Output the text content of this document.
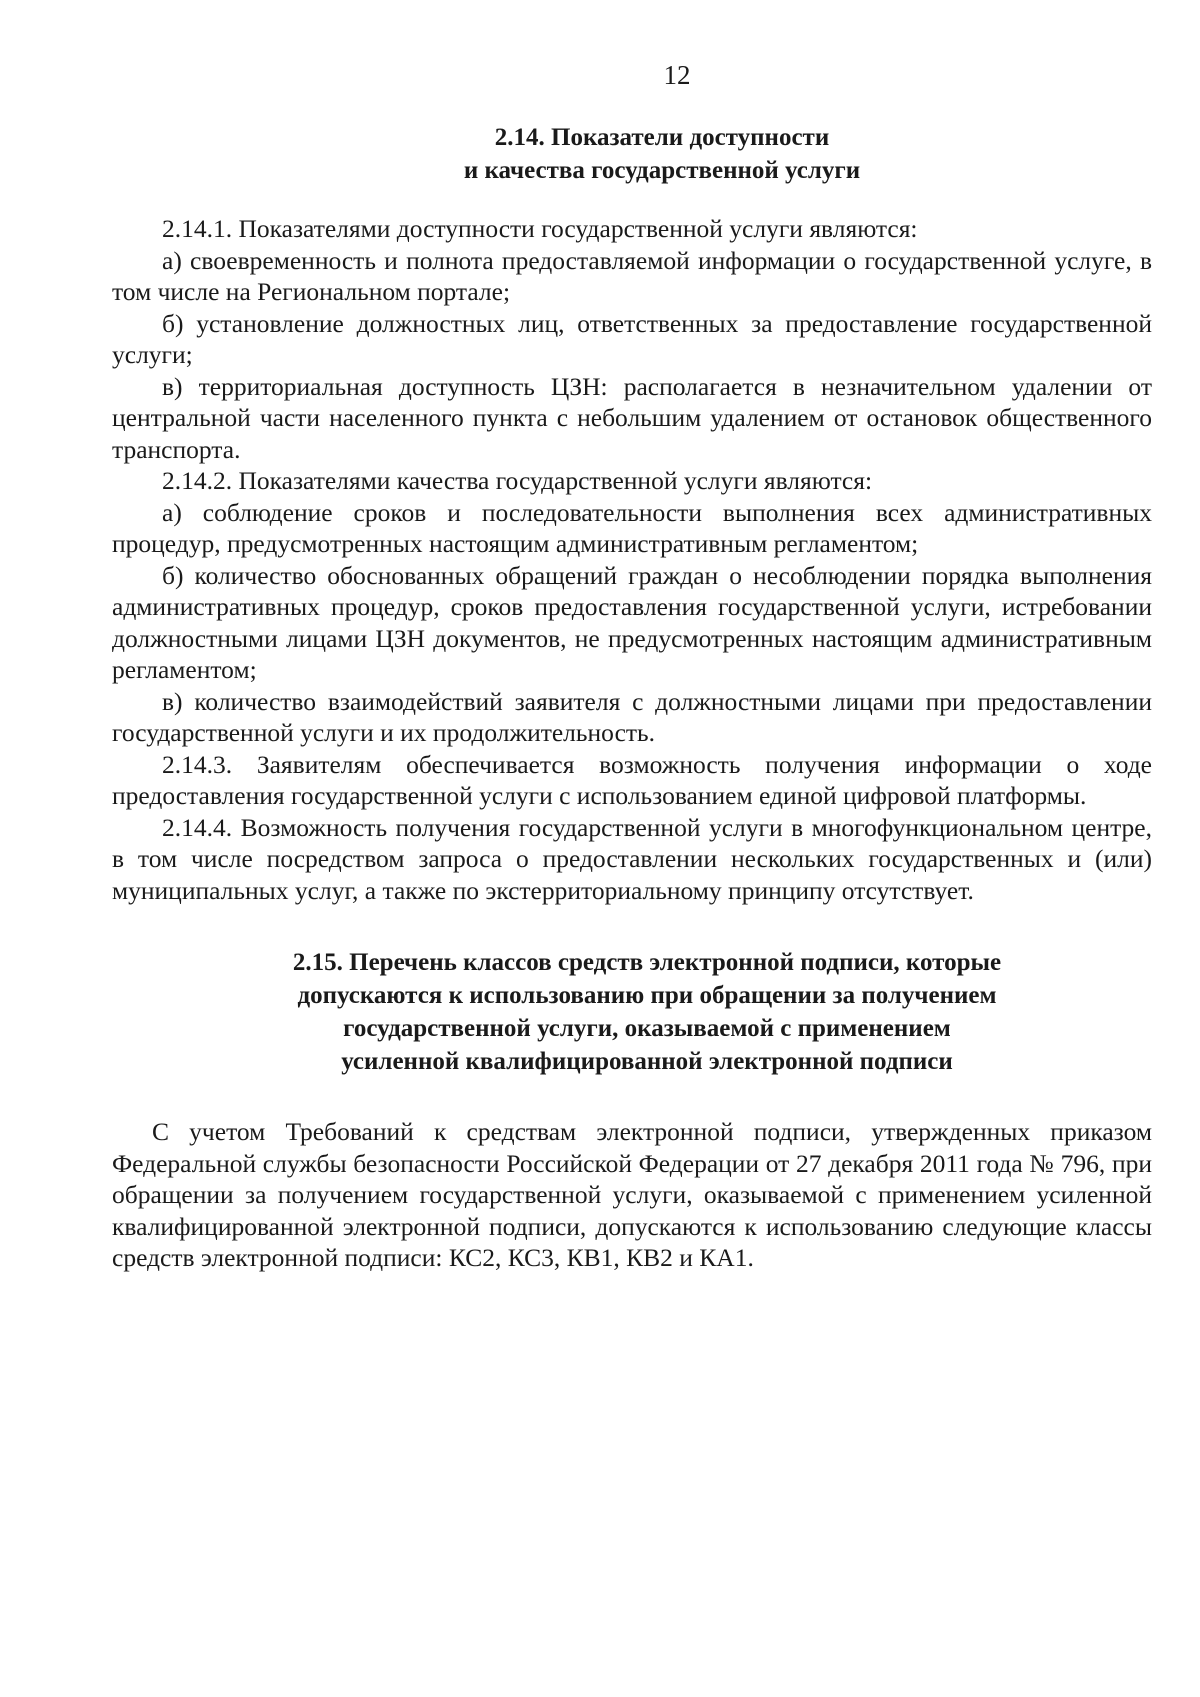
12
2.14. Показатели доступности
и качества государственной услуги

2.14.1. Показателями доступности государственной услуги являются:

а) своевременность и полнота предоставляемой информации о государственной услуге, в том числе на Региональном портале;

б) установление должностных лиц, ответственных за предоставление государственной услуги;

в) территориальная доступность ЦЗН: располагается в незначительном удалении от центральной части населенного пункта с небольшим удалением от остановок общественного транспорта.

2.14.2. Показателями качества государственной услуги являются:

а) соблюдение сроков и последовательности выполнения всех административных процедур, предусмотренных настоящим административным регламентом;

б) количество обоснованных обращений граждан о несоблюдении порядка выполнения административных процедур, сроков предоставления государственной услуги, истребовании должностными лицами ЦЗН документов, не предусмотренных настоящим административным регламентом;

в) количество взаимодействий заявителя с должностными лицами при предоставлении государственной услуги и их продолжительность.

2.14.3. Заявителям обеспечивается возможность получения информации о ходе предоставления государственной услуги с использованием единой цифровой платформы.

2.14.4. Возможность получения государственной услуги в многофункциональном центре, в том числе посредством запроса о предоставлении нескольких государственных и (или) муниципальных услуг, а также по экстерриториальному принципу отсутствует.

2.15. Перечень классов средств электронной подписи, которые
допускаются к использованию при обращении за получением
государственной услуги, оказываемой с применением
усиленной квалифицированной электронной подписи

С учетом Требований к средствам электронной подписи, утвержденных приказом Федеральной службы безопасности Российской Федерации от 27 декабря 2011 года № 796, при обращении за получением государственной услуги, оказываемой с применением усиленной квалифицированной электронной подписи, допускаются к использованию следующие классы средств электронной подписи: КС2, КС3, КВ1, КВ2 и КА1.
